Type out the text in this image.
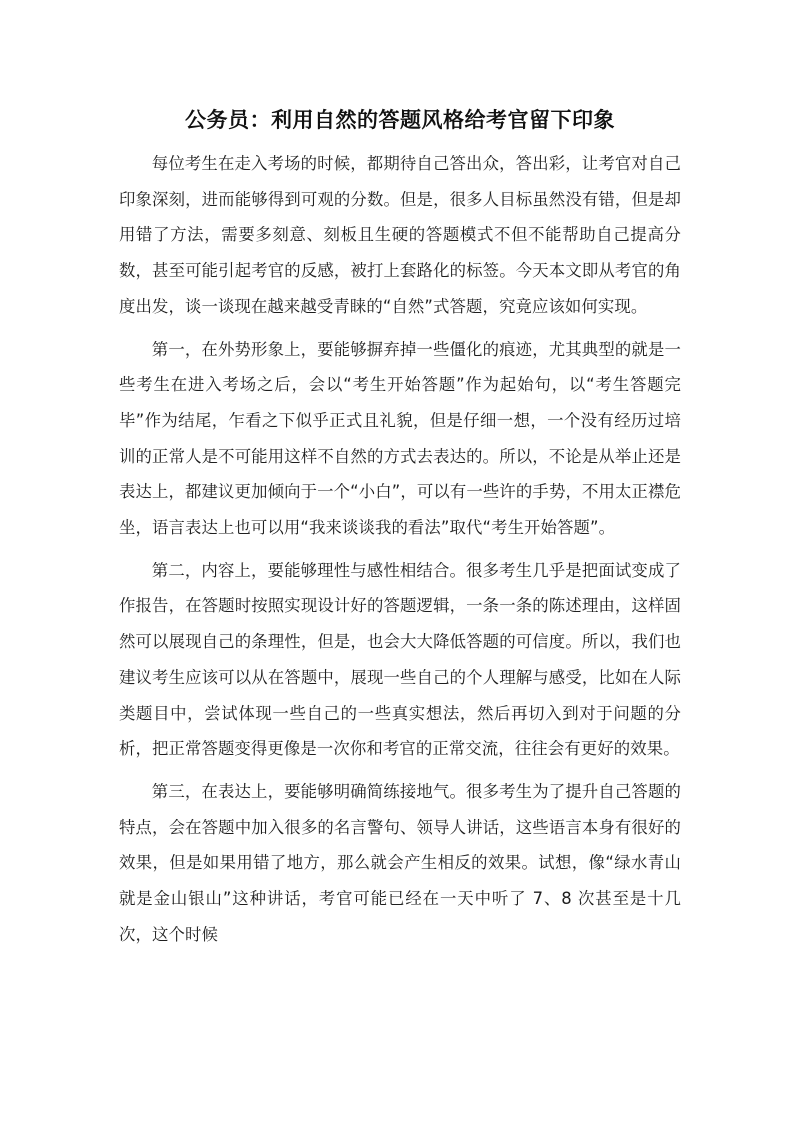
公务员：利用自然的答题风格给考官留下印象

每位考生在走入考场的时候，都期待自己答出众，答出彩，让考官对自己印象深刻，进而能够得到可观的分数。但是，很多人目标虽然没有错，但是却用错了方法，需要多刻意、刻板且生硬的答题模式不但不能帮助自己提高分数，甚至可能引起考官的反感，被打上套路化的标签。今天本文即从考官的角度出发，谈一谈现在越来越受青睐的“自然”式答题，究竟应该如何实现。

第一，在外势形象上，要能够摒弃掉一些僵化的痕迹，尤其典型的就是一些考生在进入考场之后，会以“考生开始答题”作为起始句，以“考生答题完毕”作为结尾，乍看之下似乎正式且礼貌，但是仔细一想，一个没有经历过培训的正常人是不可能用这样不自然的方式去表达的。所以，不论是从举止还是表达上，都建议更加倾向于一个“小白”，可以有一些许的手势，不用太正襟危坐，语言表达上也可以用“我来谈谈我的看法”取代“考生开始答题”。

第二，内容上，要能够理性与感性相结合。很多考生几乎是把面试变成了作报告，在答题时按照实现设计好的答题逻辑，一条一条的陈述理由，这样固然可以展现自己的条理性，但是，也会大大降低答题的可信度。所以，我们也建议考生应该可以从在答题中，展现一些自己的个人理解与感受，比如在人际类题目中，尝试体现一些自己的一些真实想法，然后再切入到对于问题的分析，把正常答题变得更像是一次你和考官的正常交流，往往会有更好的效果。

第三，在表达上，要能够明确简练接地气。很多考生为了提升自己答题的特点，会在答题中加入很多的名言警句、领导人讲话，这些语言本身有很好的效果，但是如果用错了地方，那么就会产生相反的效果。试想，像“绿水青山就是金山银山”这种讲话，考官可能已经在一天中听了 7、8 次甚至是十几次，这个时候
